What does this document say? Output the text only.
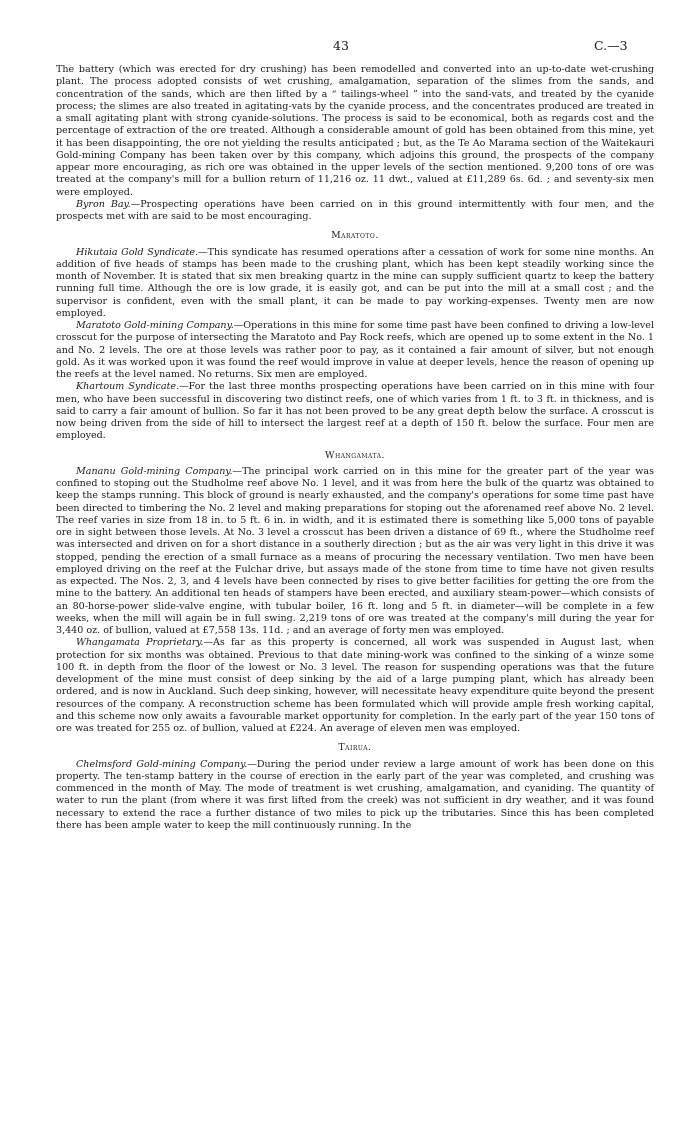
43	C.—3

The battery (which was erected for dry crushing) has been remodelled and converted into an up-to-date wet-crushing plant. The process adopted consists of wet crushing, amalgamation, separation of the slimes from the sands, and concentration of the sands, which are then lifted by a “ tailings-wheel ” into the sand-vats, and treated by the cyanide process; the slimes are also treated in agitating-vats by the cyanide process, and the concentrates produced are treated in a small agitating plant with strong cyanide-solutions. The process is said to be economical, both as regards cost and the percentage of extraction of the ore treated. Although a considerable amount of gold has been obtained from this mine, yet it has been disappointing, the ore not yielding the results anticipated ; but, as the Te Ao Marama section of the Waitekauri Gold-mining Company has been taken over by this company, which adjoins this ground, the prospects of the company appear more encouraging, as rich ore was obtained in the upper levels of the section mentioned. 9,200 tons of ore was treated at the company's mill for a bullion return of 11,216 oz. 11 dwt., valued at £11,289 6s. 6d. ; and seventy-six men were employed.

Byron Bay.—Prospecting operations have been carried on in this ground intermittently with four men, and the prospects met with are said to be most encouraging.

Maratoto.

Hikutaia Gold Syndicate.—This syndicate has resumed operations after a cessation of work for some nine months. An addition of five heads of stamps has been made to the crushing plant, which has been kept steadily working since the month of November. It is stated that six men breaking quartz in the mine can supply sufficient quartz to keep the battery running full time. Although the ore is low grade, it is easily got, and can be put into the mill at a small cost ; and the supervisor is confident, even with the small plant, it can be made to pay working-expenses. Twenty men are now employed.

Maratoto Gold-mining Company.—Operations in this mine for some time past have been confined to driving a low-level crosscut for the purpose of intersecting the Maratoto and Pay Rock reefs, which are opened up to some extent in the No. 1 and No. 2 levels. The ore at those levels was rather poor to pay, as it contained a fair amount of silver, but not enough gold. As it was worked upon it was found the reef would improve in value at deeper levels, hence the reason of opening up the reefs at the level named. No returns. Six men are employed.

Khartoum Syndicate.—For the last three months prospecting operations have been carried on in this mine with four men, who have been successful in discovering two distinct reefs, one of which varies from 1 ft. to 3 ft. in thickness, and is said to carry a fair amount of bullion. So far it has not been proved to be any great depth below the surface. A crosscut is now being driven from the side of hill to intersect the largest reef at a depth of 150 ft. below the surface. Four men are employed.

Whangamata.

Mananu Gold-mining Company.—The principal work carried on in this mine for the greater part of the year was confined to stoping out the Studholme reef above No. 1 level, and it was from here the bulk of the quartz was obtained to keep the stamps running. This block of ground is nearly exhausted, and the company's operations for some time past have been directed to timbering the No. 2 level and making preparations for stoping out the aforenamed reef above No. 2 level. The reef varies in size from 18 in. to 5 ft. 6 in. in width, and it is estimated there is something like 5,000 tons of payable ore in sight between those levels. At No. 3 level a crosscut has been driven a distance of 69 ft., where the Studholme reef was intersected and driven on for a short distance in a southerly direction ; but as the air was very light in this drive it was stopped, pending the erection of a small furnace as a means of procuring the necessary ventilation. Two men have been employed driving on the reef at the Fulchar drive, but assays made of the stone from time to time have not given results as expected. The Nos. 2, 3, and 4 levels have been connected by rises to give better facilities for getting the ore from the mine to the battery. An additional ten heads of stampers have been erected, and auxiliary steam-power—which consists of an 80-horse-power slide-valve engine, with tubular boiler, 16 ft. long and 5 ft. in diameter—will be complete in a few weeks, when the mill will again be in full swing. 2,219 tons of ore was treated at the company's mill during the year for 3,440 oz. of bullion, valued at £7,558 13s. 11d. ; and an average of forty men was employed.

Whangamata Proprietary.—As far as this property is concerned, all work was suspended in August last, when protection for six months was obtained. Previous to that date mining-work was confined to the sinking of a winze some 100 ft. in depth from the floor of the lowest or No. 3 level. The reason for suspending operations was that the future development of the mine must consist of deep sinking by the aid of a large pumping plant, which has already been ordered, and is now in Auckland. Such deep sinking, however, will necessitate heavy expenditure quite beyond the present resources of the company. A reconstruction scheme has been formulated which will provide ample fresh working capital, and this scheme now only awaits a favourable market opportunity for completion. In the early part of the year 150 tons of ore was treated for 255 oz. of bullion, valued at £224. An average of eleven men was employed.

Tairua.

Chelmsford Gold-mining Company.—During the period under review a large amount of work has been done on this property. The ten-stamp battery in the course of erection in the early part of the year was completed, and crushing was commenced in the month of May. The mode of treatment is wet crushing, amalgamation, and cyaniding. The quantity of water to run the plant (from where it was first lifted from the creek) was not sufficient in dry weather, and it was found necessary to extend the race a further distance of two miles to pick up the tributaries. Since this has been completed there has been ample water to keep the mill continuously running. In the
